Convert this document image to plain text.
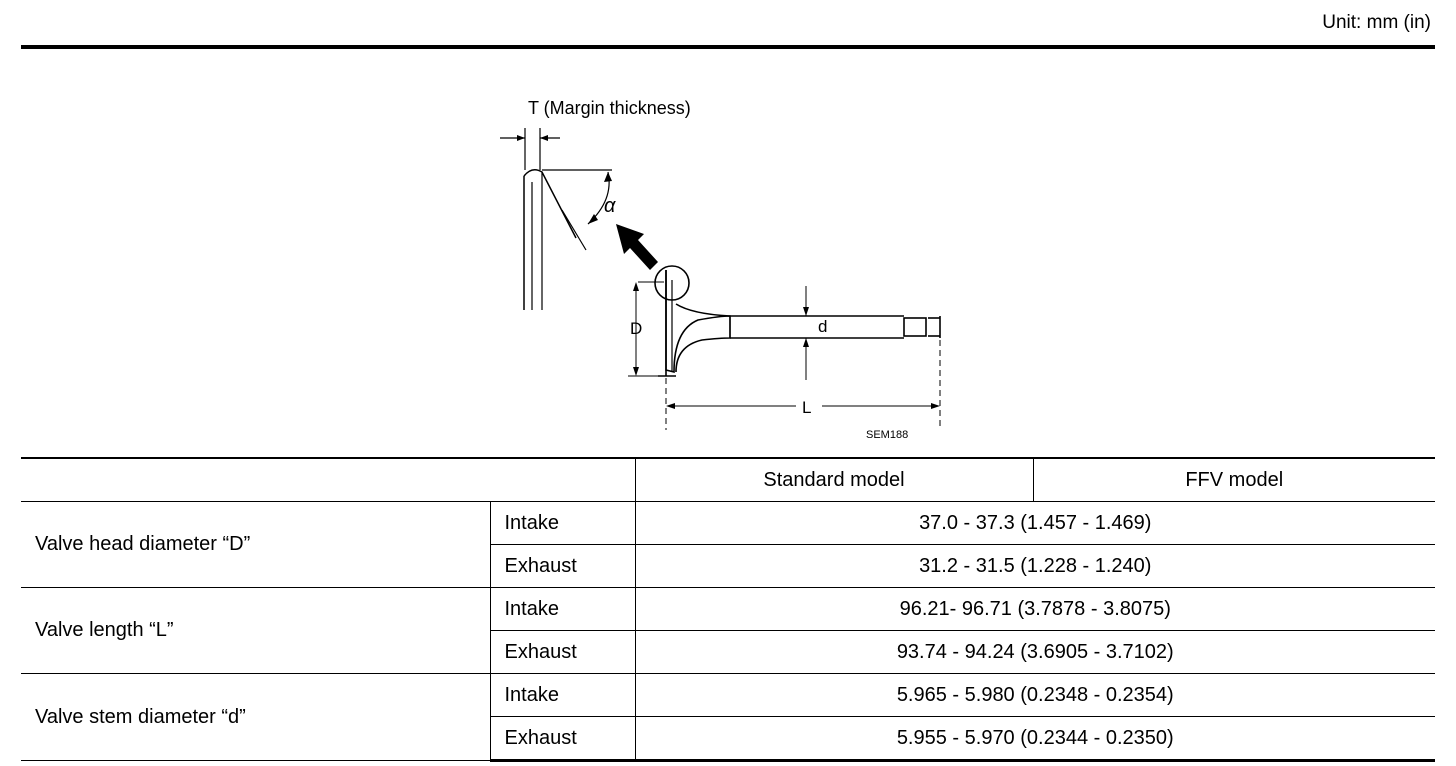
Unit: mm (in)
T (Margin thickness)
α
D	d
L
SEM188
		Standard model	FFV model
Valve head diameter “D”	Intake	37.0 - 37.3 (1.457 - 1.469)	
	Exhaust	31.2 - 31.5 (1.228 - 1.240)	
Valve length “L”	Intake	96.21- 96.71 (3.7878 - 3.8075)	
	Exhaust	93.74 - 94.24 (3.6905 - 3.7102)	
Valve stem diameter “d”	Intake	5.965 - 5.980 (0.2348 - 0.2354)	
	Exhaust	5.955 - 5.970 (0.2344 - 0.2350)	
